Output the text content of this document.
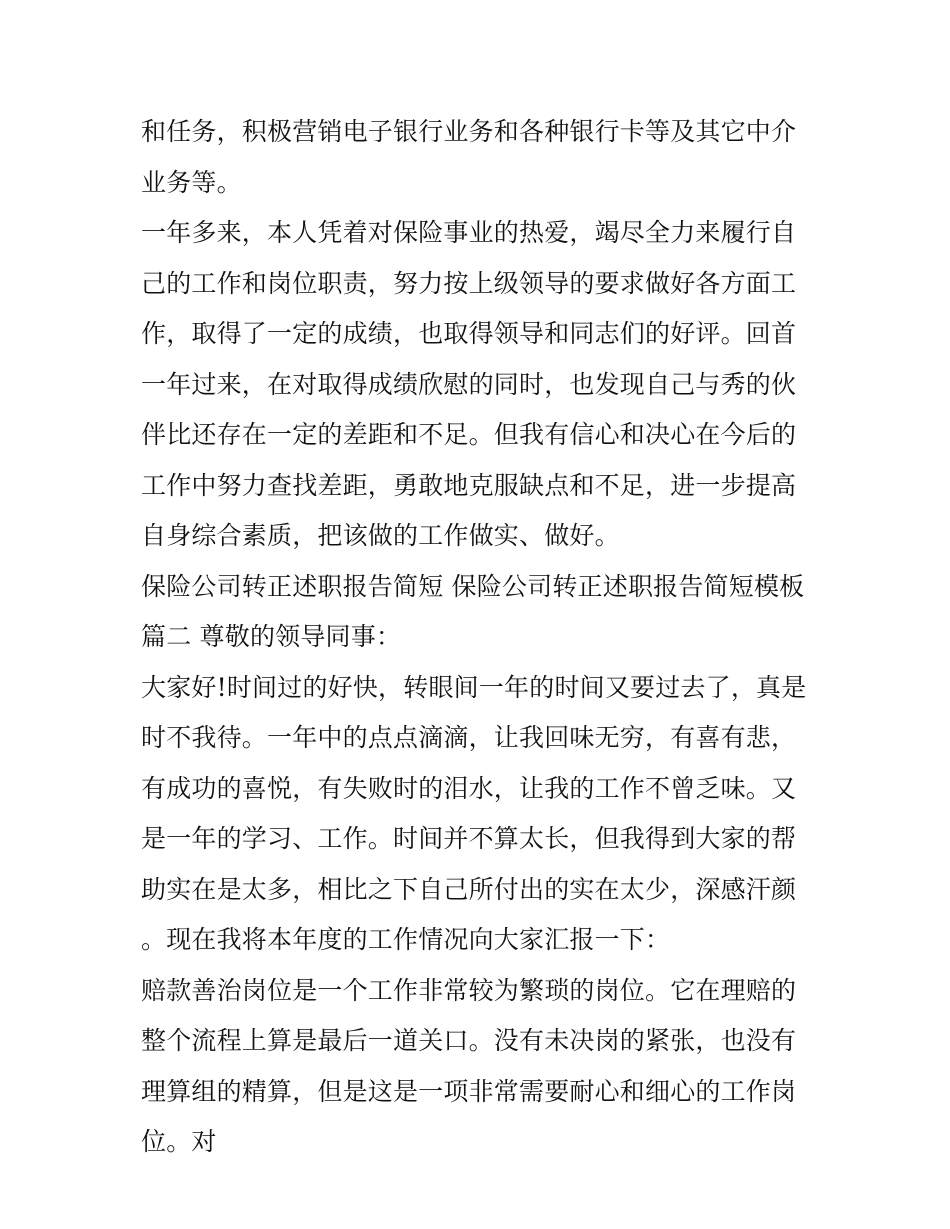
和任务，积极营销电子银行业务和各种银行卡等及其它中介业务等。

一年多来，本人凭着对保险事业的热爱，竭尽全力来履行自己的工作和岗位职责，努力按上级领导的要求做好各方面工作，取得了一定的成绩，也取得领导和同志们的好评。回首一年过来，在对取得成绩欣慰的同时，也发现自己与秀的伙伴比还存在一定的差距和不足。但我有信心和决心在今后的工作中努力查找差距，勇敢地克服缺点和不足，进一步提高自身综合素质，把该做的工作做实、做好。

保险公司转正述职报告简短 保险公司转正述职报告简短模板篇二 尊敬的领导同事：

大家好!时间过的好快，转眼间一年的时间又要过去了，真是时不我待。一年中的点点滴滴，让我回味无穷，有喜有悲，有成功的喜悦，有失败时的泪水，让我的工作不曾乏味。又是一年的学习、工作。时间并不算太长，但我得到大家的帮助实在是太多，相比之下自己所付出的实在太少，深感汗颜。现在我将本年度的工作情况向大家汇报一下：

赔款善治岗位是一个工作非常较为繁琐的岗位。它在理赔的整个流程上算是最后一道关口。没有未决岗的紧张，也没有理算组的精算，但是这是一项非常需要耐心和细心的工作岗位。对
